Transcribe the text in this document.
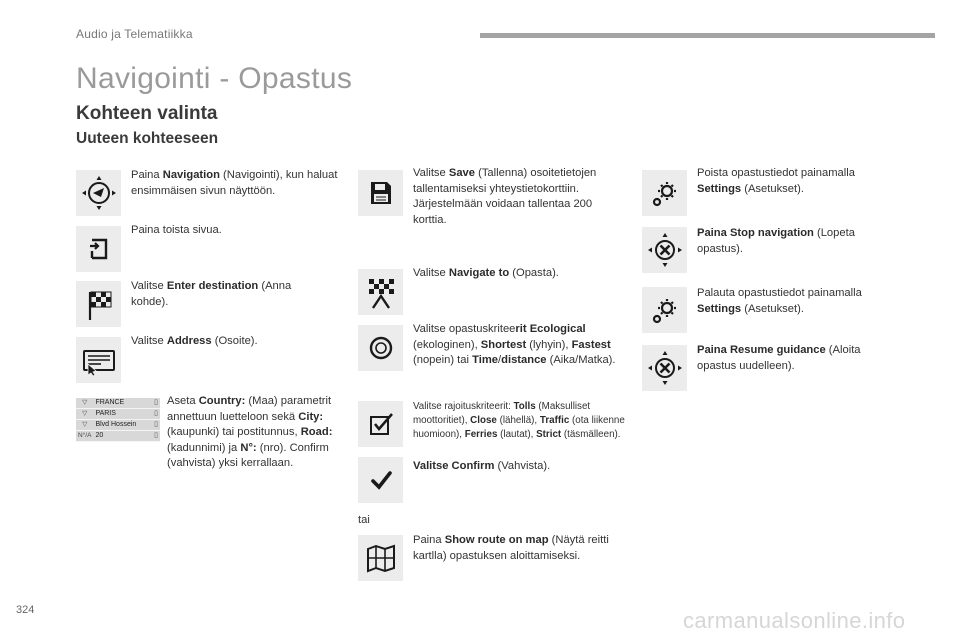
Audio ja Telematiikka
Navigointi - Opastus
Kohteen valinta
Uuteen kohteeseen
Paina Navigation (Navigointi), kun haluat ensimmäisen sivun näyttöön.
Paina toista sivua.
Valitse Enter destination (Anna kohde).
Valitse Address (Osoite).
▽	FRANCE	▯
▽	PARIS	▯
▽	Blvd Hossein	▯
N°/A	20	▯
Aseta Country: (Maa) parametrit annettuun luetteloon sekä City: (kaupunki) tai postitunnus, Road: (kadunnimi) ja N°: (nro). Confirm (vahvista) yksi kerrallaan.
Valitse Save (Tallenna) osoitetietojen tallentamiseksi yhteystietokorttiin. Järjestelmään voidaan tallentaa 200 korttia.
Valitse Navigate to (Opasta).
Valitse opastuskriteerit Ecological (ekologinen), Shortest (lyhyin), Fastest (nopein) tai Time/distance (Aika/Matka).
Valitse rajoituskriteerit: Tolls (Maksulliset moottoritiet), Close (lähellä), Traffic (ota liikenne huomioon), Ferries (lautat), Strict (täsmälleen).
Valitse Confirm (Vahvista).
tai
Paina Show route on map (Näytä reitti kartlla) opastuksen aloittamiseksi.
Poista opastustiedot painamalla Settings (Asetukset).
Paina Stop navigation (Lopeta opastus).
Palauta opastustiedot painamalla Settings (Asetukset).
Paina Resume guidance (Aloita opastus uudelleen).
324	carmanualsonline.info
